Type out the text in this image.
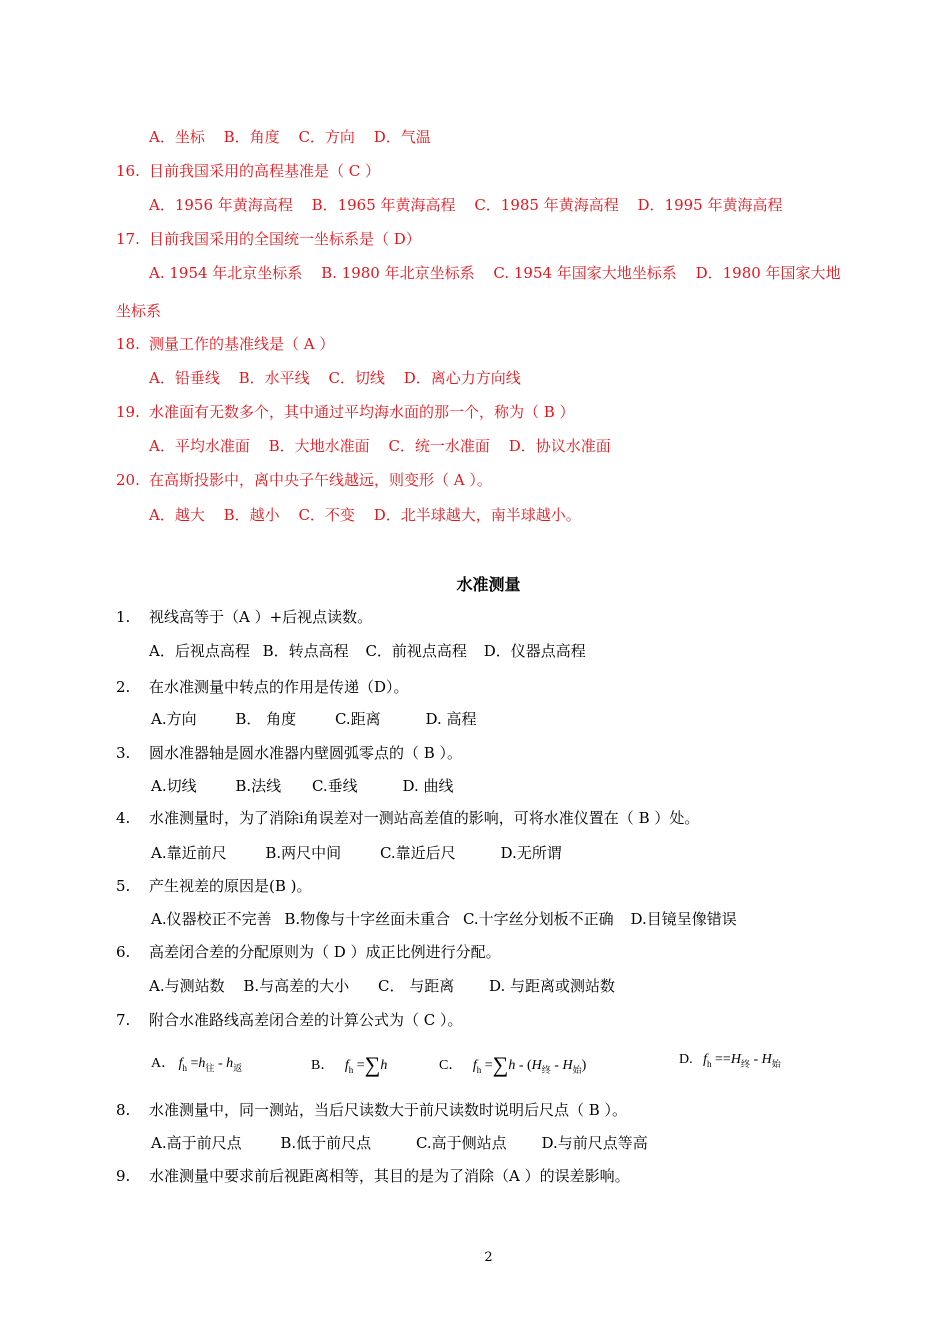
A．坐标 B．角度 C．方向 D．气温
16. 目前我国采用的高程基准是（ C ）
A．1956 年黄海高程 B．1965 年黄海高程 C．1985 年黄海高程 D．1995 年黄海高程
17. 目前我国采用的全国统一坐标系是（ D）
A. 1954 年北京坐标系 B. 1980 年北京坐标系 C. 1954 年国家大地坐标系 D．1980 年国家大地
坐标系
18. 测量工作的基准线是（ A ）
A．铅垂线 B．水平线 C．切线 D．离心力方向线
19. 水准面有无数多个，其中通过平均海水面的那一个，称为（ B ）
A．平均水准面 B．大地水准面 C．统一水准面 D．协议水准面
20. 在高斯投影中，离中央子午线越远，则变形（ A ）。
A．越大 B．越小 C．不变 D．北半球越大，南半球越小。
水准测量
1. 视线高等于（A ）+后视点读数。
A．后视点高程 B．转点高程 C．前视点高程 D．仪器点高程
2. 在水准测量中转点的作用是传递（D）。
A.方向	B． 角度	C.距离	D. 高程
3. 圆水准器轴是圆水准器内壁圆弧零点的（ B ）。
A.切线	B.法线 C.垂线	D. 曲线
4. 水准测量时，为了消除i角误差对一测站高差值的影响，可将水准仪置在（ B ）处。
A.靠近前尺	B.两尺中间	C.靠近后尺	D.无所谓
5. 产生视差的原因是(B )。
A.仪器校正不完善 B.物像与十字丝面未重合 C.十字丝分划板不正确 D.目镜呈像错误
6. 高差闭合差的分配原则为（ D ）成正比例进行分配。
A.与测站数 B.与高差的大小 C． 与距离 D. 与距离或测站数
7. 附合水准路线高差闭合差的计算公式为（ C ）。
A． $f_h =h_往 - h_返$	B． $f_h =\sum h$	C． $f_h =\sum h - (H_终 - H_始)$	D. $f_h ==H_终 - H_始$
8. 水准测量中，同一测站，当后尺读数大于前尺读数时说明后尺点（ B ）。
A.高于前尺点	B.低于前尺点	C.高于侧站点 D.与前尺点等高
9. 水准测量中要求前后视距离相等，其目的是为了消除（A ）的误差影响。
2
